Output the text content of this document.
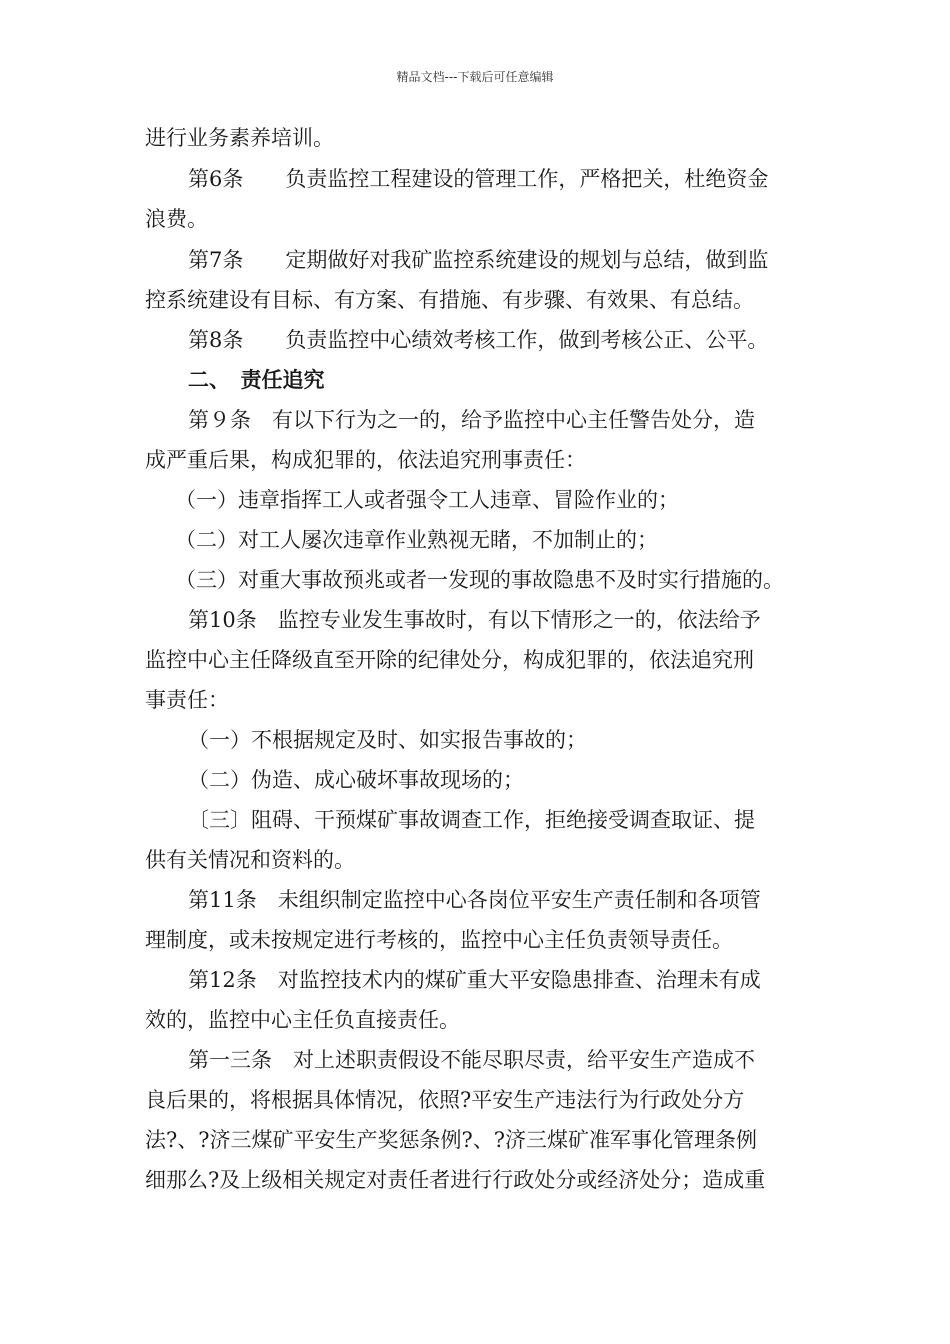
精品文档---下载后可任意编辑
进行业务素养培训。
第6条　　负责监控工程建设的管理工作，严格把关，杜绝资金
浪费。
第7条　　定期做好对我矿监控系统建设的规划与总结，做到监
控系统建设有目标、有方案、有措施、有步骤、有效果、有总结。
第8条　　负责监控中心绩效考核工作，做到考核公正、公平。
二、　责任追究
第９条　有以下行为之一的，给予监控中心主任警告处分，造
成严重后果，构成犯罪的，依法追究刑事责任：
（一）违章指挥工人或者强令工人违章、冒险作业的；
（二）对工人屡次违章作业熟视无睹，不加制止的；
（三）对重大事故预兆或者一发现的事故隐患不及时实行措施的。
第10条　监控专业发生事故时，有以下情形之一的，依法给予
监控中心主任降级直至开除的纪律处分，构成犯罪的，依法追究刑
事责任：
（一）不根据规定及时、如实报告事故的；
（二）伪造、成心破坏事故现场的；
〔三〕阻碍、干预煤矿事故调查工作，拒绝接受调查取证、提
供有关情况和资料的。
第11条　未组织制定监控中心各岗位平安生产责任制和各项管
理制度，或未按规定进行考核的，监控中心主任负责领导责任。
第12条　对监控技术内的煤矿重大平安隐患排查、治理未有成
效的，监控中心主任负直接责任。
第一三条　对上述职责假设不能尽职尽责，给平安生产造成不
良后果的，将根据具体情况，依照?平安生产违法行为行政处分方
法?、?济三煤矿平安生产奖惩条例?、?济三煤矿准军事化管理条例
细那么?及上级相关规定对责任者进行行政处分或经济处分；造成重
